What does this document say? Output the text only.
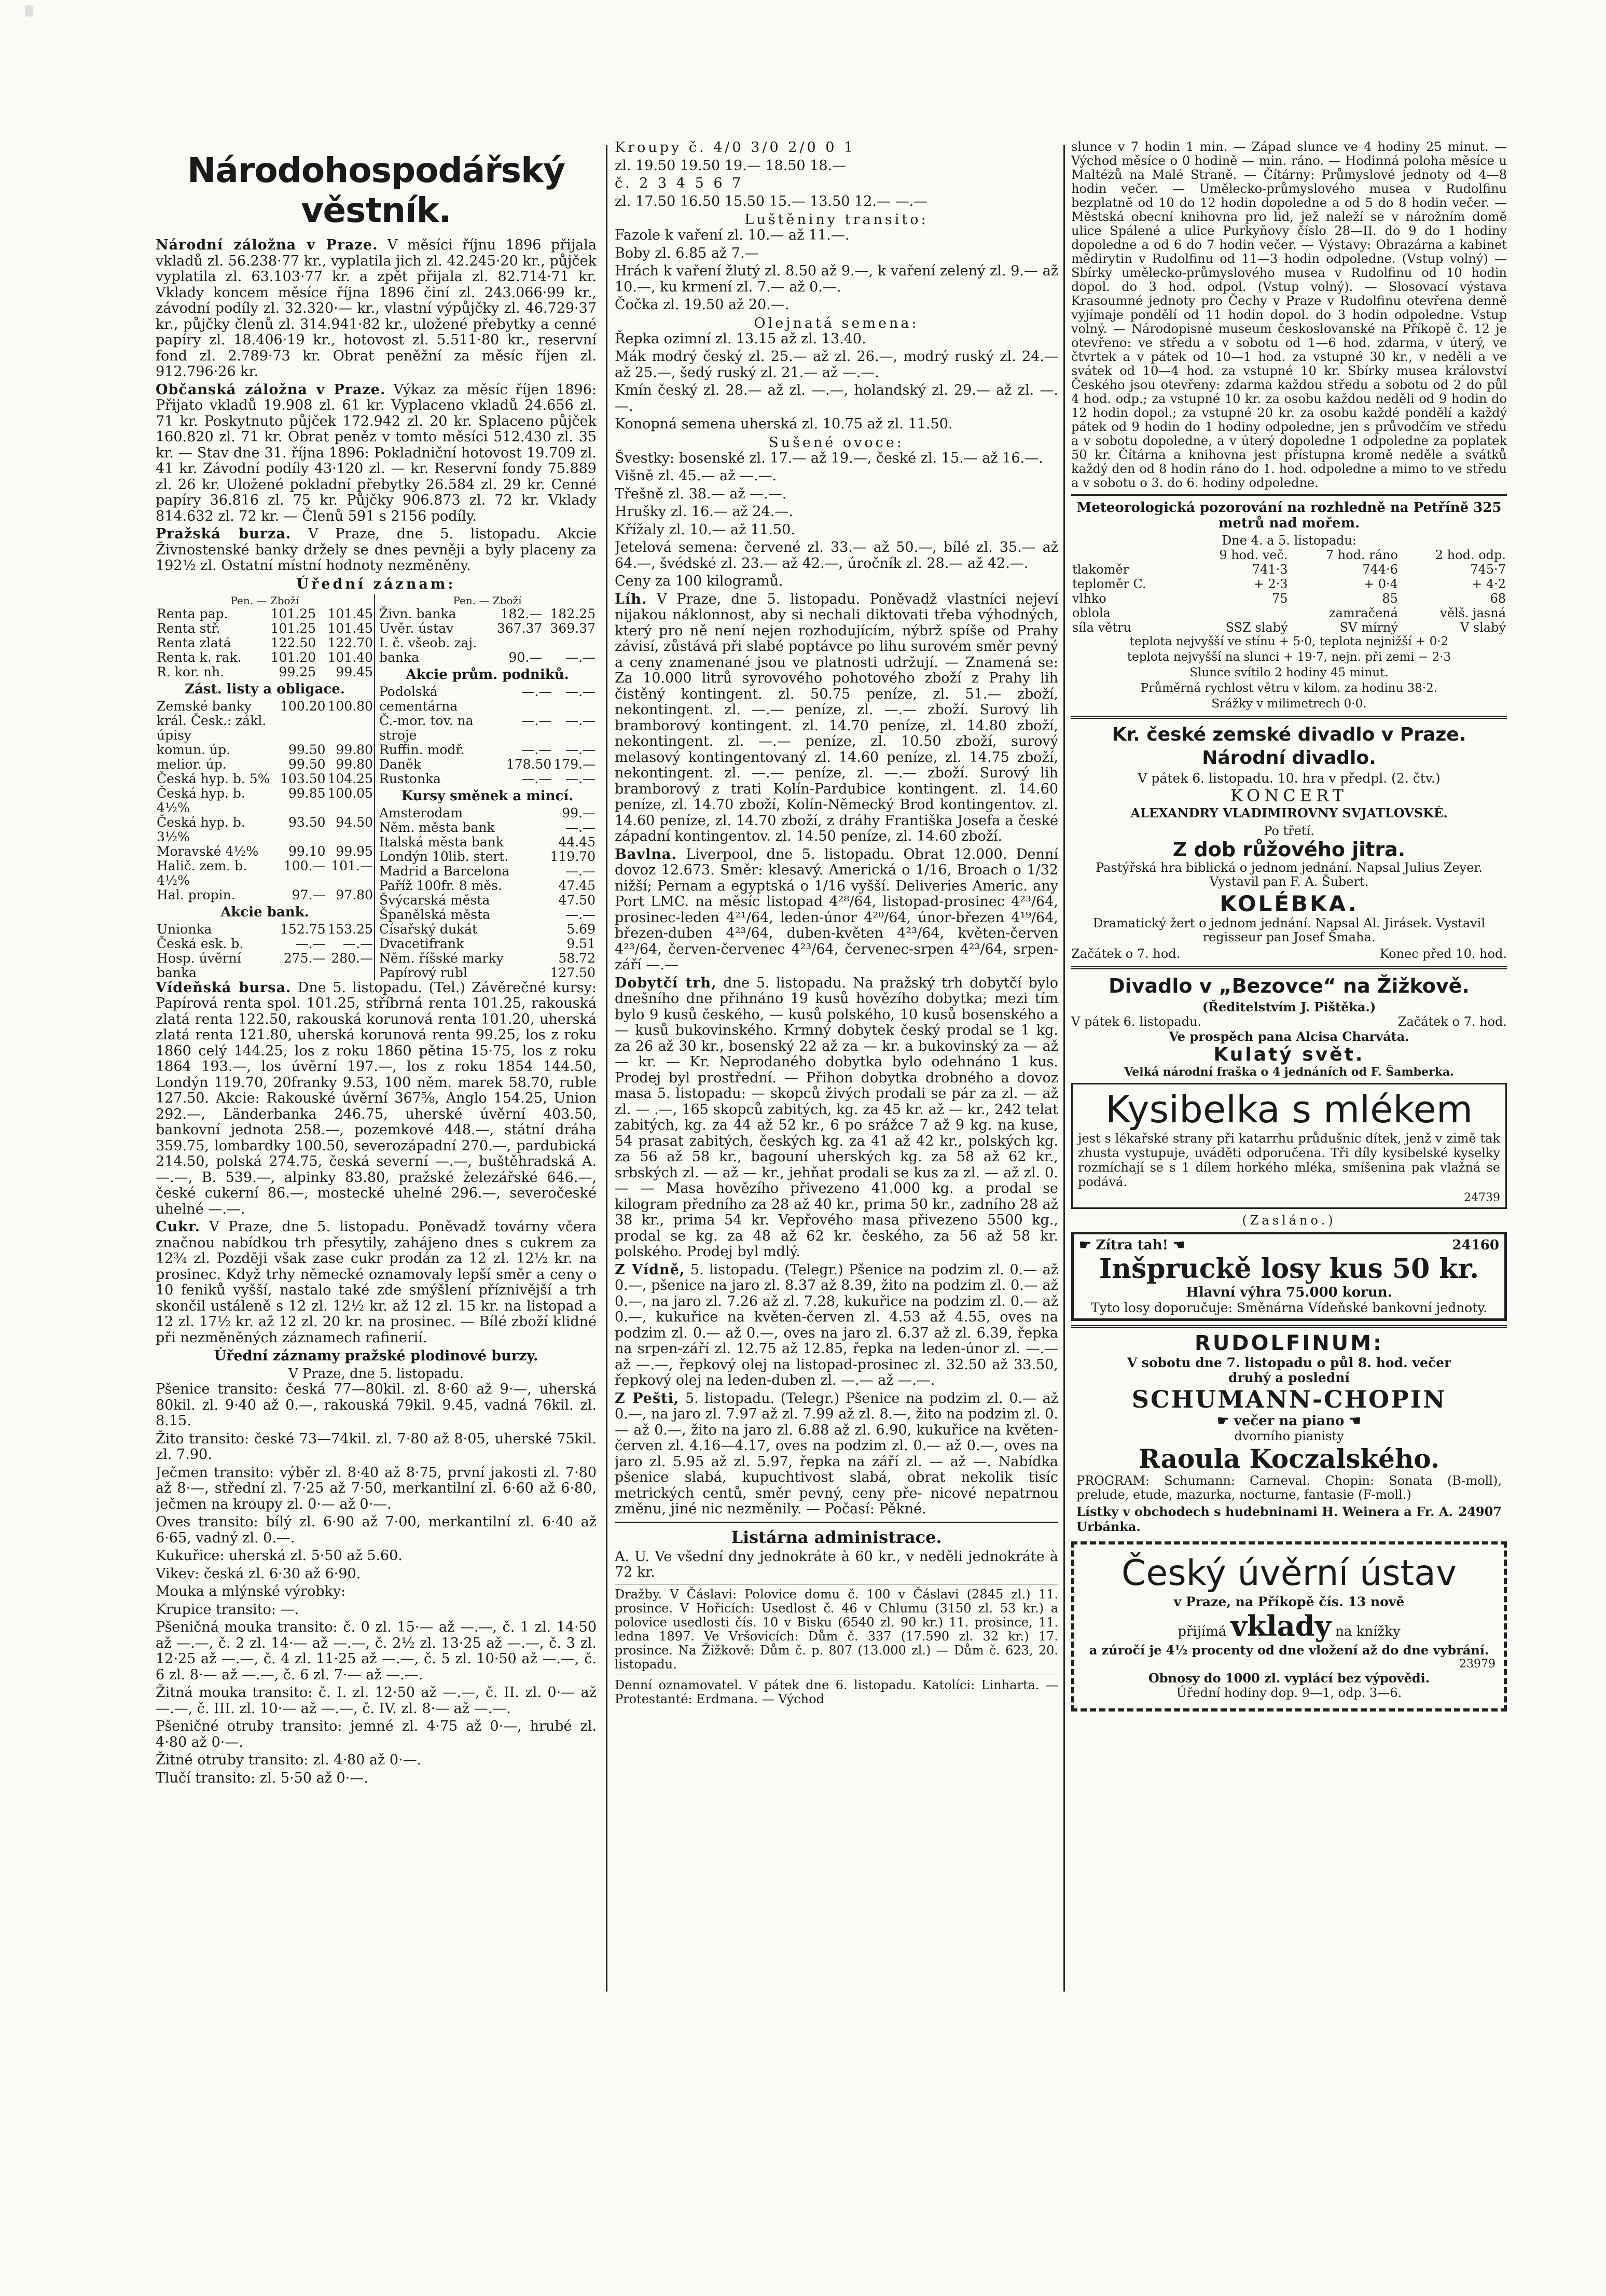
Národohospodářský věstník.

Národní záložna v Praze. V měsíci říjnu 1896 přijala vkladů zl. 56.238·77 kr., vyplatila jich zl. 42.245·20 kr., půjček vyplatila zl. 63.103·77 kr. a zpět přijala zl. 82.714·71 kr. Vklady koncem měsíce října 1896 činí zl. 243.066·99 kr., závodní podíly zl. 32.320·— kr., vlastní výpůjčky zl. 46.729·37 kr., půjčky členů zl. 314.941·82 kr., uložené přebytky a cenné papíry zl. 18.406·19 kr., hotovost zl. 5.511·80 kr., reservní fond zl. 2.789·73 kr. Obrat peněžní za měsíc říjen zl. 912.796·26 kr.

Občanská záložna v Praze. Výkaz za měsíc říjen 1896: Přijato vkladů 19.908 zl. 61 kr. Vyplaceno vkladů 24.656 zl. 71 kr. Poskytnuto půjček 172.942 zl. 20 kr. Splaceno půjček 160.820 zl. 71 kr. Obrat peněz v tomto měsíci 512.430 zl. 35 kr. — Stav dne 31. října 1896: Pokladniční hotovost 19.709 zl. 41 kr. Závodní podíly 43·120 zl. — kr. Reservní fondy 75.889 zl. 26 kr. Uložené pokladní přebytky 26.584 zl. 29 kr. Cenné papíry 36.816 zl. 75 kr. Půjčky 906.873 zl. 72 kr. Vklady 814.632 zl. 72 kr. — Členů 591 s 2156 podíly.

Pražská burza. V Praze, dne 5. listopadu. Akcie Živnostenské banky držely se dnes pevněji a byly placeny za 192½ zl. Ostatní místní hodnoty nezměněny.

Úřední záznam:
Pen. — Zboží
Renta pap.	101.25	101.45
Renta stř.	101.25	101.45
Renta zlatá	122.50	122.70
Renta k. rak.	101.20	101.40
R. kor. nh.	99.25	99.45
Zást. listy a obligace.
Zemské banky král. Česk.: zákl. úpisy	100.20	100.80
komun. úp.	99.50	99.80
melior. úp.	99.50	99.80
Česká hyp. b. 5%	103.50	104.25
Česká hyp. b. 4½%	99.85	100.05
Česká hyp. b. 3½%	93.50	94.50
Moravské 4½%	99.10	99.95
Halič. zem. b. 4½%	100.—	101.—
Hal. propin.	97.—	97.80
Akcie bank.
Unionka	152.75	153.25
Česká esk. b.	—.—	—.—
Hosp. úvěrní banka	275.—	280.—
Pen. — Zboží
Živn. banka	182.—	182.25
Uvěr. ústav	367.37	369.37
I. č. všeob. zaj.		
banka	90.—	—.—
Akcie prům. podniků.
Podolská cementárna	—.—	—.—
Č.-mor. tov. na stroje	—.—	—.—
Ruffin. modř.	—.—	—.—
Daněk	178.50	179.—
Rustonka	—.—	—.—
Kursy směnek a mincí.
Amsterodam	99.—
Něm. města bank	—.—
Italská města bank	44.45
Londýn 10lib. stert.	119.70
Madrid a Barcelona	—.—
Paříž 100fr. 8 měs.	47.45
Švýcarská města	47.50
Španělská města	—.—
Císařský dukát	5.69
Dvacetifrank	9.51
Něm. říšské marky	58.72
Papírový rubl	127.50

Vídeňská bursa. Dne 5. listopadu. (Tel.) Závěrečné kursy: Papírová renta spol. 101.25, stříbrná renta 101.25, rakouská zlatá renta 122.50, rakouská korunová renta 101.20, uherská zlatá renta 121.80, uherská korunová renta 99.25, los z roku 1860 celý 144.25, los z roku 1860 pětina 15·75, los z roku 1864 193.—, los úvěrní 197.—, los z roku 1854 144.50, Londýn 119.70, 20franky 9.53, 100 něm. marek 58.70, ruble 127.50. Akcie: Rakouské úvěrní 367⅝, Anglo 154.25, Union 292.—, Länderbanka 246.75, uherské úvěrní 403.50, bankovní jednota 258.—, pozemkové 448.—, státní dráha 359.75, lombardky 100.50, severozápadní 270.—, pardubická 214.50, polská 274.75, česká severní —.—, buštěhradská A. —.—, B. 539.—, alpinky 83.80, pražské železářské 646.—, české cukerní 86.—, mostecké uhelné 296.—, severočeské uhelné —.—.

Cukr. V Praze, dne 5. listopadu. Poněvadž továrny včera značnou nabídkou trh přesytily, zahájeno dnes s cukrem za 12¾ zl. Později však zase cukr prodán za 12 zl. 12½ kr. na prosinec. Když trhy německé oznamovaly lepší směr a ceny o 10 feniků vyšší, nastalo také zde smýšlení příznivější a trh skončil ustáleně s 12 zl. 12½ kr. až 12 zl. 15 kr. na listopad a 12 zl. 17½ kr. až 12 zl. 20 kr. na prosinec. — Bílé zboží klidné při nezměněných záznamech rafinerií.

Úřední záznamy pražské plodinové burzy.
V Praze, dne 5. listopadu.

Pšenice transito: česká 77—80kil. zl. 8·60 až 9·—, uherská 80kil. zl. 9·40 až 0.—, rakouská 79kil. 9.45, vadná 76kil. zl. 8.15.

Žito transito: české 73—74kil. zl. 7·80 až 8·05, uherské 75kil. zl. 7.90.

Ječmen transito: výběr zl. 8·40 až 8·75, první jakosti zl. 7·80 až 8·—, střední zl. 7·25 až 7·50, merkantilní zl. 6·60 až 6·80, ječmen na kroupy zl. 0·— až 0·—.

Oves transito: bílý zl. 6·90 až 7·00, merkantilní zl. 6·40 až 6·65, vadný zl. 0.—.

Kukuřice: uherská zl. 5·50 až 5.60.

Vikev: česká zl. 6·30 až 6·90.

Mouka a mlýnské výrobky:

Krupice transito: —.

Pšeničná mouka transito: č. 0 zl. 15·— až —.—, č. 1 zl. 14·50 až —.—, č. 2 zl. 14·— až —.—, č. 2½ zl. 13·25 až —.—, č. 3 zl. 12·25 až —.—, č. 4 zl. 11·25 až —.—, č. 5 zl. 10·50 až —.—, č. 6 zl. 8·— až —.—, č. 6 zl. 7·— až —.—.

Žitná mouka transito: č. I. zl. 12·50 až —.—, č. II. zl. 0·— až —.—, č. III. zl. 10·— až —.—, č. IV. zl. 8·— až —.—.

Pšeničné otruby transito: jemné zl. 4·75 až 0·—, hrubé zl. 4·80 až 0·—.

Žitné otruby transito: zl. 4·80 až 0·—.

Tlučí transito: zl. 5·50 až 0·—.

Kroupy č. 4/0 3/0 2/0 0 1

zl. 19.50 19.50 19.— 18.50 18.—

č. 2 3 4 5 6 7

zl. 17.50 16.50 15.50 15.— 13.50 12.— —.—

Luštěniny transito:

Fazole k vaření zl. 10.— až 11.—.

Boby zl. 6.85 až 7.—

Hrách k vaření žlutý zl. 8.50 až 9.—, k vaření zelený zl. 9.— až 10.—, ku krmení zl. 7.— až 0.—.

Čočka zl. 19.50 až 20.—.

Olejnatá semena:

Řepka ozimní zl. 13.15 až zl. 13.40.

Mák modrý český zl. 25.— až zl. 26.—, modrý ruský zl. 24.— až 25.—, šedý ruský zl. 21.— až —.—.

Kmín český zl. 28.— až zl. —.—, holandský zl. 29.— až zl. —.—.

Konopná semena uherská zl. 10.75 až zl. 11.50.

Sušené ovoce:

Švestky: bosenské zl. 17.— až 19.—, české zl. 15.— až 16.—.

Višně zl. 45.— až —.—.

Třešně zl. 38.— až —.—.

Hrušky zl. 16.— až 24.—.

Křížaly zl. 10.— až 11.50.

Jetelová semena: červené zl. 33.— až 50.—, bílé zl. 35.— až 64.—, švédské zl. 23.— až 42.—, úročník zl. 28.— až 42.—.

Ceny za 100 kilogramů.

Líh. V Praze, dne 5. listopadu. Poněvadž vlastníci nejeví nijakou náklonnost, aby si nechali diktovati třeba výhodných, který pro ně není nejen rozhodujícím, nýbrž spíše od Prahy závisí, zůstává při slabé poptávce po lihu surovém směr pevný a ceny znamenané jsou ve platnosti udržují. — Znamená se: Za 10.000 litrů syrovového pohotového zboží z Prahy lih čistěný kontingent. zl. 50.75 peníze, zl. 51.— zboží, nekontingent. zl. —.— peníze, zl. —.— zboží. Surový lih bramborový kontingent. zl. 14.70 peníze, zl. 14.80 zboží, nekontingent. zl. —.— peníze, zl. 10.50 zboží, surový melasový kontingentovaný zl. 14.60 peníze, zl. 14.75 zboží, nekontingent. zl. —.— peníze, zl. —.— zboží. Surový lih bramborový z trati Kolín-Pardubice kontingent. zl. 14.60 peníze, zl. 14.70 zboží, Kolín-Německý Brod kontingentov. zl. 14.60 peníze, zl. 14.70 zboží, z dráhy Františka Josefa a české západní kontingentov. zl. 14.50 peníze, zl. 14.60 zboží.

Bavlna. Liverpool, dne 5. listopadu. Obrat 12.000. Denní dovoz 12.673. Směr: klesavý. Americká o 1/16, Broach o 1/32 nižší; Pernam a egyptská o 1/16 vyšší. Deliveries Americ. any Port LMC. na měsíc listopad 4²⁸/64, listopad-prosinec 4²³/64, prosinec-leden 4²¹/64, leden-únor 4²⁰/64, únor-březen 4¹⁹/64, březen-duben 4²³/64, duben-květen 4²³/64, květen-červen 4²³/64, červen-červenec 4²³/64, červenec-srpen 4²³/64, srpen-září —.—

Dobytčí trh, dne 5. listopadu. Na pražský trh dobytčí bylo dnešního dne přihnáno 19 kusů hovězího dobytka; mezi tím bylo 9 kusů českého, — kusů polského, 10 kusů bosenského a — kusů bukovinského. Krmný dobytek český prodal se 1 kg. za 26 až 30 kr., bosenský 22 až za — kr. a bukovinský za — až — kr. — Kr. Neprodaného dobytka bylo odehnáno 1 kus. Prodej byl prostřední. — Přihon dobytka drobného a dovoz masa 5. listopadu: — skopců živých prodali se pár za zl. — až zl. — .—, 165 skopců zabitých, kg. za 45 kr. až — kr., 242 telat zabitých, kg. za 44 až 52 kr., 6 po srážce 7 až 9 kg. na kuse, 54 prasat zabitých, českých kg. za 41 až 42 kr., polských kg. za 56 až 58 kr., bagouní uherských kg. za 58 až 62 kr., srbských zl. — až — kr., jehňat prodali se kus za zl. — až zl. 0.— — Masa hovězího přivezeno 41.000 kg. a prodal se kilogram předního za 28 až 40 kr., prima 50 kr., zadního 28 až 38 kr., prima 54 kr. Vepřového masa přivezeno 5500 kg., prodal se kg. za 48 až 62 kr. českého, za 56 až 58 kr. polského. Prodej byl mdlý.

Z Vídně, 5. listopadu. (Telegr.) Pšenice na podzim zl. 0.— až 0.—, pšenice na jaro zl. 8.37 až 8.39, žito na podzim zl. 0.— až 0.—, na jaro zl. 7.26 až zl. 7.28, kukuřice na podzim zl. 0.— až 0.—, kukuřice na květen-červen zl. 4.53 až 4.55, oves na podzim zl. 0.— až 0.—, oves na jaro zl. 6.37 až zl. 6.39, řepka na srpen-září zl. 12.75 až 12.85, řepka na leden-únor zl. —.— až —.—, řepkový olej na listopad-prosinec zl. 32.50 až 33.50, řepkový olej na leden-duben zl. —.— až —.—.

Z Pešti, 5. listopadu. (Telegr.) Pšenice na podzim zl. 0.— až 0.—, na jaro zl. 7.97 až zl. 7.99 až zl. 8.—, žito na podzim zl. 0.— až 0.—, žito na jaro zl. 6.88 až zl. 6.90, kukuřice na květen-červen zl. 4.16—4.17, oves na podzim zl. 0.— až 0.—, oves na jaro zl. 5.95 až zl. 5.97, řepka na září zl. — až —. Nabídka pšenice slabá, kupuchtivost slabá, obrat nekolik tisíc metrických centů, směr pevný, ceny pře- nicové nepatrnou změnu, jiné nic nezměnily. — Počasí: Pěkné.

Listárna administrace.

A. U. Ve všední dny jednokráte à 60 kr., v neděli jednokráte à 72 kr.

Dražby. V Čáslavi: Polovice domu č. 100 v Čáslavi (2845 zl.) 11. prosince. V Hořicích: Usedlost č. 46 v Chlumu (3150 zl. 53 kr.) a polovice usedlosti čís. 10 v Bisku (6540 zl. 90 kr.) 11. prosince, 11. ledna 1897. Ve Vršovicích: Dům č. 337 (17.590 zl. 32 kr.) 17. prosince. Na Žižkově: Dům č. p. 807 (13.000 zl.) — Dům č. 623, 20. listopadu.

Denní oznamovatel. V pátek dne 6. listopadu. Katolíci: Linharta. — Protestanté: Erdmana. — Východ

slunce v 7 hodin 1 min. — Západ slunce ve 4 hodiny 25 minut. — Východ měsíce o 0 hodině — min. ráno. — Hodinná poloha měsíce u Maltézů na Malé Straně. — Čítárny: Průmyslové jednoty od 4—8 hodin večer. — Umělecko-průmyslového musea v Rudolfinu bezplatně od 10 do 12 hodin dopoledne a od 5 do 8 hodin večer. — Městská obecní knihovna pro lid, jež naleží se v nárožním domě ulice Spálené a ulice Purkyňovy číslo 28—II. do 9 do 1 hodiny dopoledne a od 6 do 7 hodin večer. — Výstavy: Obrazárna a kabinet mědirytin v Rudolfinu od 11—3 hodin odpoledne. (Vstup volný) — Sbírky umělecko-průmyslového musea v Rudolfinu od 10 hodin dopol. do 3 hod. odpol. (Vstup volný). — Slosovací výstava Krasoumné jednoty pro Čechy v Praze v Rudolfinu otevřena denně vyjímaje pondělí od 11 hodin dopol. do 3 hodin odpoledne. Vstup volný. — Národopisné museum českoslovanské na Příkopě č. 12 je otevřeno: ve středu a v sobotu od 1—6 hod. zdarma, v úterý, ve čtvrtek a v pátek od 10—1 hod. za vstupné 30 kr., v neděli a ve svátek od 10—4 hod. za vstupné 10 kr. Sbírky musea království Českého jsou otevřeny: zdarma každou středu a sobotu od 2 do půl 4 hod. odp.; za vstupné 10 kr. za osobu každou neděli od 9 hodin do 12 hodin dopol.; za vstupné 20 kr. za osobu každé pondělí a každý pátek od 9 hodin do 1 hodiny odpoledne, jen s průvodčím ve středu a v sobotu dopoledne, a v úterý dopoledne 1 odpoledne za poplatek 50 kr. Čítárna a knihovna jest přístupna kromě neděle a svátků každý den od 8 hodin ráno do 1. hod. odpoledne a mimo to ve středu a v sobotu o 3. do 6. hodiny odpoledne.

Meteorologická pozorování na rozhledně na Petříně 325 metrů nad mořem.
Dne 4. a 5. listopadu:
	9 hod. več.	7 hod. ráno	2 hod. odp.
tlakoměr	741·3	744·6	745·7
teploměr C.	+ 2·3	+ 0·4	+ 4·2
vlhko	75	85	68
oblola		zamračená	vělš. jasná
síla větru	SSZ slabý	SV mírný	V slabý

teplota nejvyšší ve stínu + 5·0, teplota nejnižší + 0·2

teplota nejvyšší na slunci + 19·7, nejn. při zemi − 2·3

Slunce svítilo 2 hodiny 45 minut.

Průměrná rychlost větru v kilom. za hodinu 38·2.

Srážky v milimetrech 0·0.

Kr. české zemské divadlo v Praze.
Národní divadlo.
V pátek 6. listopadu. 10. hra v předpl. (2. čtv.)
KONCERT
ALEXANDRY VLADIMIROVNY SVJATLOVSKÉ.
Po třetí.
Z dob růžového jitra.

Pastýřská hra biblická o jednom jednání. Napsal Julius Zeyer. Vystavil pan F. A. Šubert.

KOLÉBKA.

Dramatický žert o jednom jednání. Napsal Al. Jirásek. Vystavil regisseur pan Josef Šmaha.

Začátek o 7. hod.	Konec před 10. hod.
Divadlo v „Bezovce“ na Žižkově.
(Ředitelstvím J. Pištěka.)
V pátek 6. listopadu.	Začátek o 7. hod.
Ve prospěch pana Alcisa Charváta.
Kulatý svět.
Velká národní fraška o 4 jednáních od F. Šamberka.
Kysibelka s mlékem

jest s lékařské strany při katarrhu průdušnic dítek, jenž v zimě tak zhusta vystupuje, uváděti odporučena. Tři díly kysibelské kyselky rozmíchají se s 1 dílem horkého mléka, smíšenina pak vlažná se podává.

24739
(Zasláno.)
☛ Zítra tah! ☚	24160
Inšpruckě losy kus 50 kr.
Hlavní výhra 75.000 korun.
Tyto losy doporučuje: Směnárna Vídeňské bankovní jednoty.
RUDOLFINUM:
V sobotu dne 7. listopadu o půl 8. hod. večer
druhý a poslední
SCHUMANN-CHOPIN
☛ večer na piano ☚
dvorního pianisty
Raoula Koczalského.

PROGRAM: Schumann: Carneval. Chopin: Sonata (B-moll), prelude, etude, mazurka, nocturne, fantasie (F-moll.)

Lístky v obchodech s hudebninami H. Weinera a Fr. A. Urbánka.
24907
Český úvěrní ústav
v Praze, na Příkopě čís. 13 nově
přijímá vklady na knížky
a zúročí je 4½ procenty od dne vložení až do dne vybrání.
23979
Obnosy do 1000 zl. vyplácí bez výpovědi.
Úřední hodiny dop. 9—1, odp. 3—6.
